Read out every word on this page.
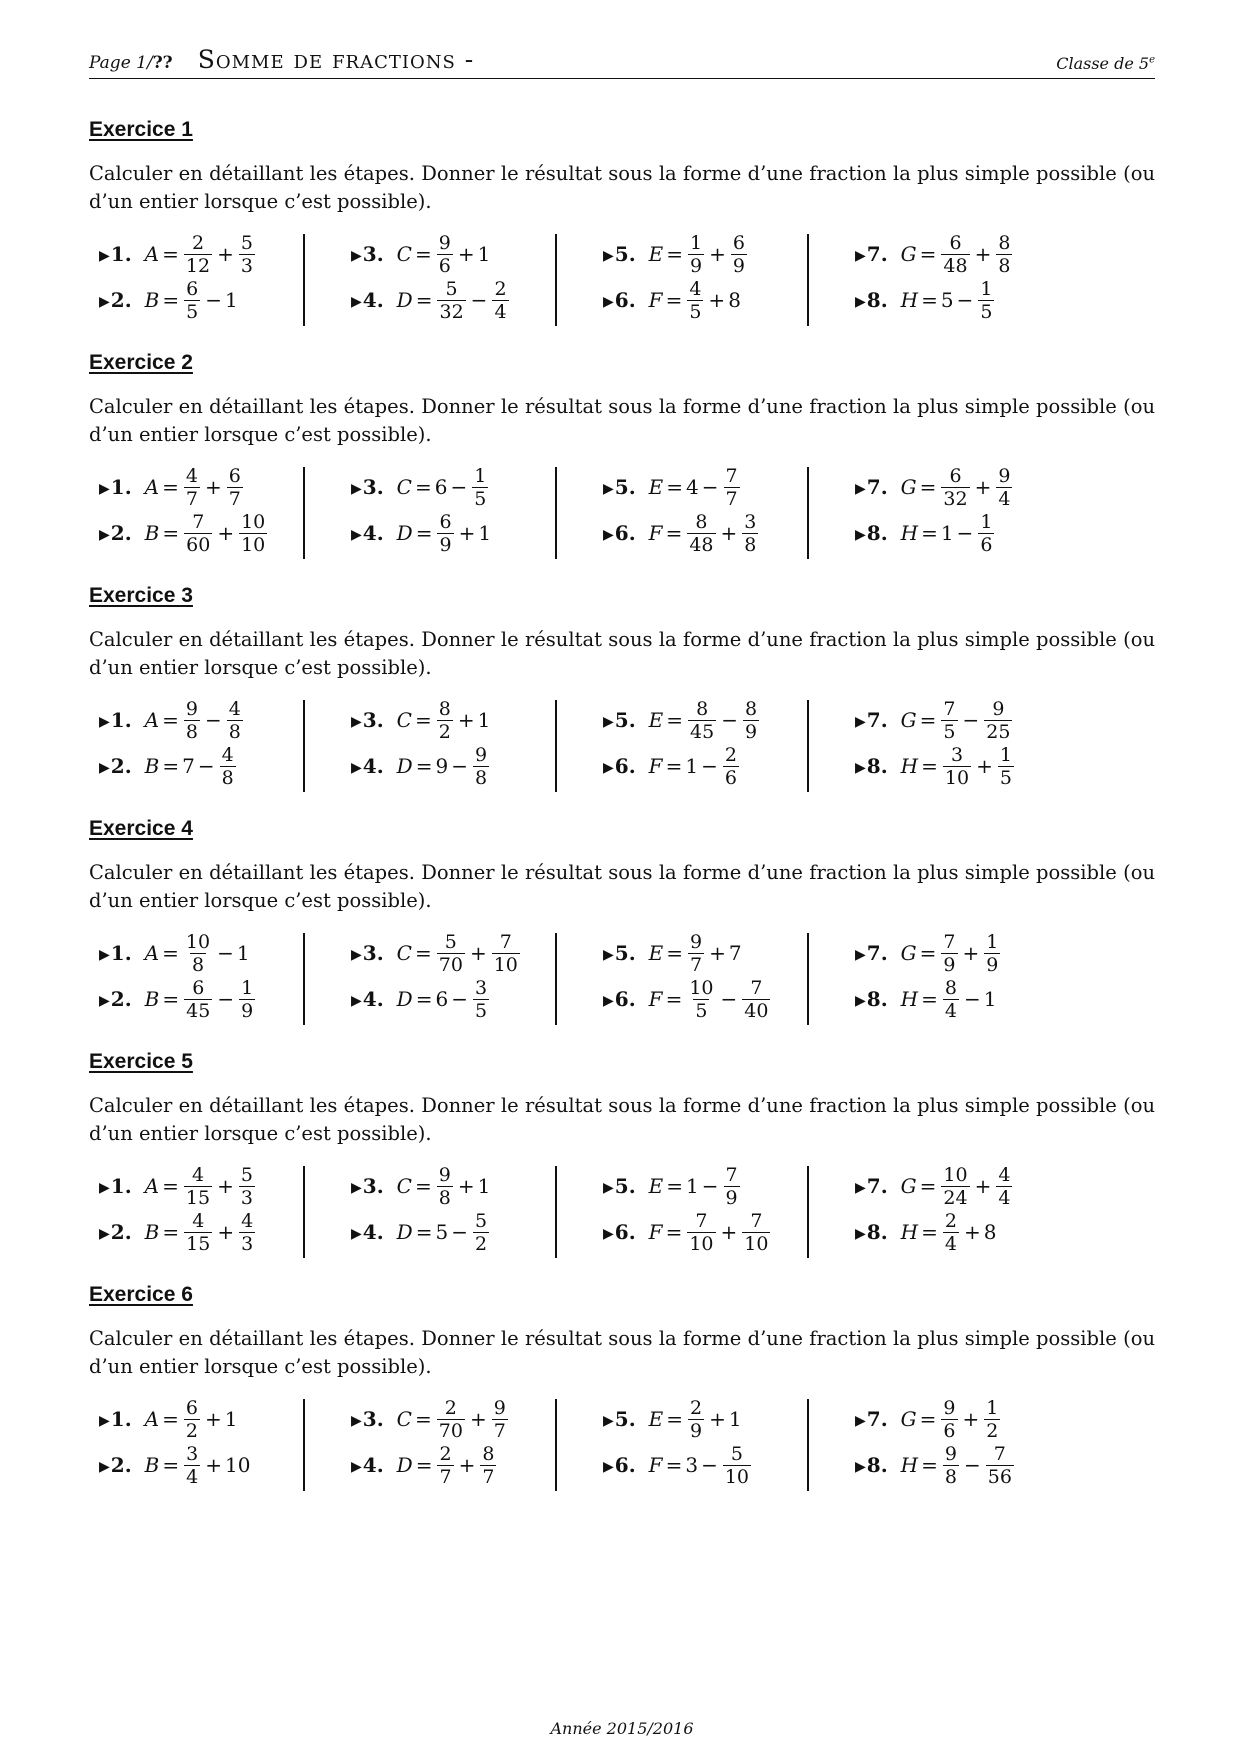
Page 1/?? Somme de fractions -	Classe de 5e
Exercice 1
Calculer en détaillant les étapes. Donner le résultat sous la forme d’une fraction la plus simple possible (ou d’un entier lorsque c’est possible).
▶1. $A = \frac{2}{12} + \frac{5}{3}$
▶2. $B = \frac{6}{5} - 1$
▶3. $C = \frac{9}{6} + 1$
▶4. $D = \frac{5}{32} - \frac{2}{4}$
▶5. $E = \frac{1}{9} + \frac{6}{9}$
▶6. $F = \frac{4}{5} + 8$
▶7. $G = \frac{6}{48} + \frac{8}{8}$
▶8. $H = 5 - \frac{1}{5}$
Exercice 2
Calculer en détaillant les étapes. Donner le résultat sous la forme d’une fraction la plus simple possible (ou d’un entier lorsque c’est possible).
▶1. $A = \frac{4}{7} + \frac{6}{7}$
▶2. $B = \frac{7}{60} + \frac{10}{10}$
▶3. $C = 6 - \frac{1}{5}$
▶4. $D = \frac{6}{9} + 1$
▶5. $E = 4 - \frac{7}{7}$
▶6. $F = \frac{8}{48} + \frac{3}{8}$
▶7. $G = \frac{6}{32} + \frac{9}{4}$
▶8. $H = 1 - \frac{1}{6}$
Exercice 3
Calculer en détaillant les étapes. Donner le résultat sous la forme d’une fraction la plus simple possible (ou d’un entier lorsque c’est possible).
▶1. $A = \frac{9}{8} - \frac{4}{8}$
▶2. $B = 7 - \frac{4}{8}$
▶3. $C = \frac{8}{2} + 1$
▶4. $D = 9 - \frac{9}{8}$
▶5. $E = \frac{8}{45} - \frac{8}{9}$
▶6. $F = 1 - \frac{2}{6}$
▶7. $G = \frac{7}{5} - \frac{9}{25}$
▶8. $H = \frac{3}{10} + \frac{1}{5}$
Exercice 4
Calculer en détaillant les étapes. Donner le résultat sous la forme d’une fraction la plus simple possible (ou d’un entier lorsque c’est possible).
▶1. $A = \frac{10}{8} - 1$
▶2. $B = \frac{6}{45} - \frac{1}{9}$
▶3. $C = \frac{5}{70} + \frac{7}{10}$
▶4. $D = 6 - \frac{3}{5}$
▶5. $E = \frac{9}{7} + 7$
▶6. $F = \frac{10}{5} - \frac{7}{40}$
▶7. $G = \frac{7}{9} + \frac{1}{9}$
▶8. $H = \frac{8}{4} - 1$
Exercice 5
Calculer en détaillant les étapes. Donner le résultat sous la forme d’une fraction la plus simple possible (ou d’un entier lorsque c’est possible).
▶1. $A = \frac{4}{15} + \frac{5}{3}$
▶2. $B = \frac{4}{15} + \frac{4}{3}$
▶3. $C = \frac{9}{8} + 1$
▶4. $D = 5 - \frac{5}{2}$
▶5. $E = 1 - \frac{7}{9}$
▶6. $F = \frac{7}{10} + \frac{7}{10}$
▶7. $G = \frac{10}{24} + \frac{4}{4}$
▶8. $H = \frac{2}{4} + 8$
Exercice 6
Calculer en détaillant les étapes. Donner le résultat sous la forme d’une fraction la plus simple possible (ou d’un entier lorsque c’est possible).
▶1. $A = \frac{6}{2} + 1$
▶2. $B = \frac{3}{4} + 10$
▶3. $C = \frac{2}{70} + \frac{9}{7}$
▶4. $D = \frac{2}{7} + \frac{8}{7}$
▶5. $E = \frac{2}{9} + 1$
▶6. $F = 3 - \frac{5}{10}$
▶7. $G = \frac{9}{6} + \frac{1}{2}$
▶8. $H = \frac{9}{8} - \frac{7}{56}$
Année 2015/2016
